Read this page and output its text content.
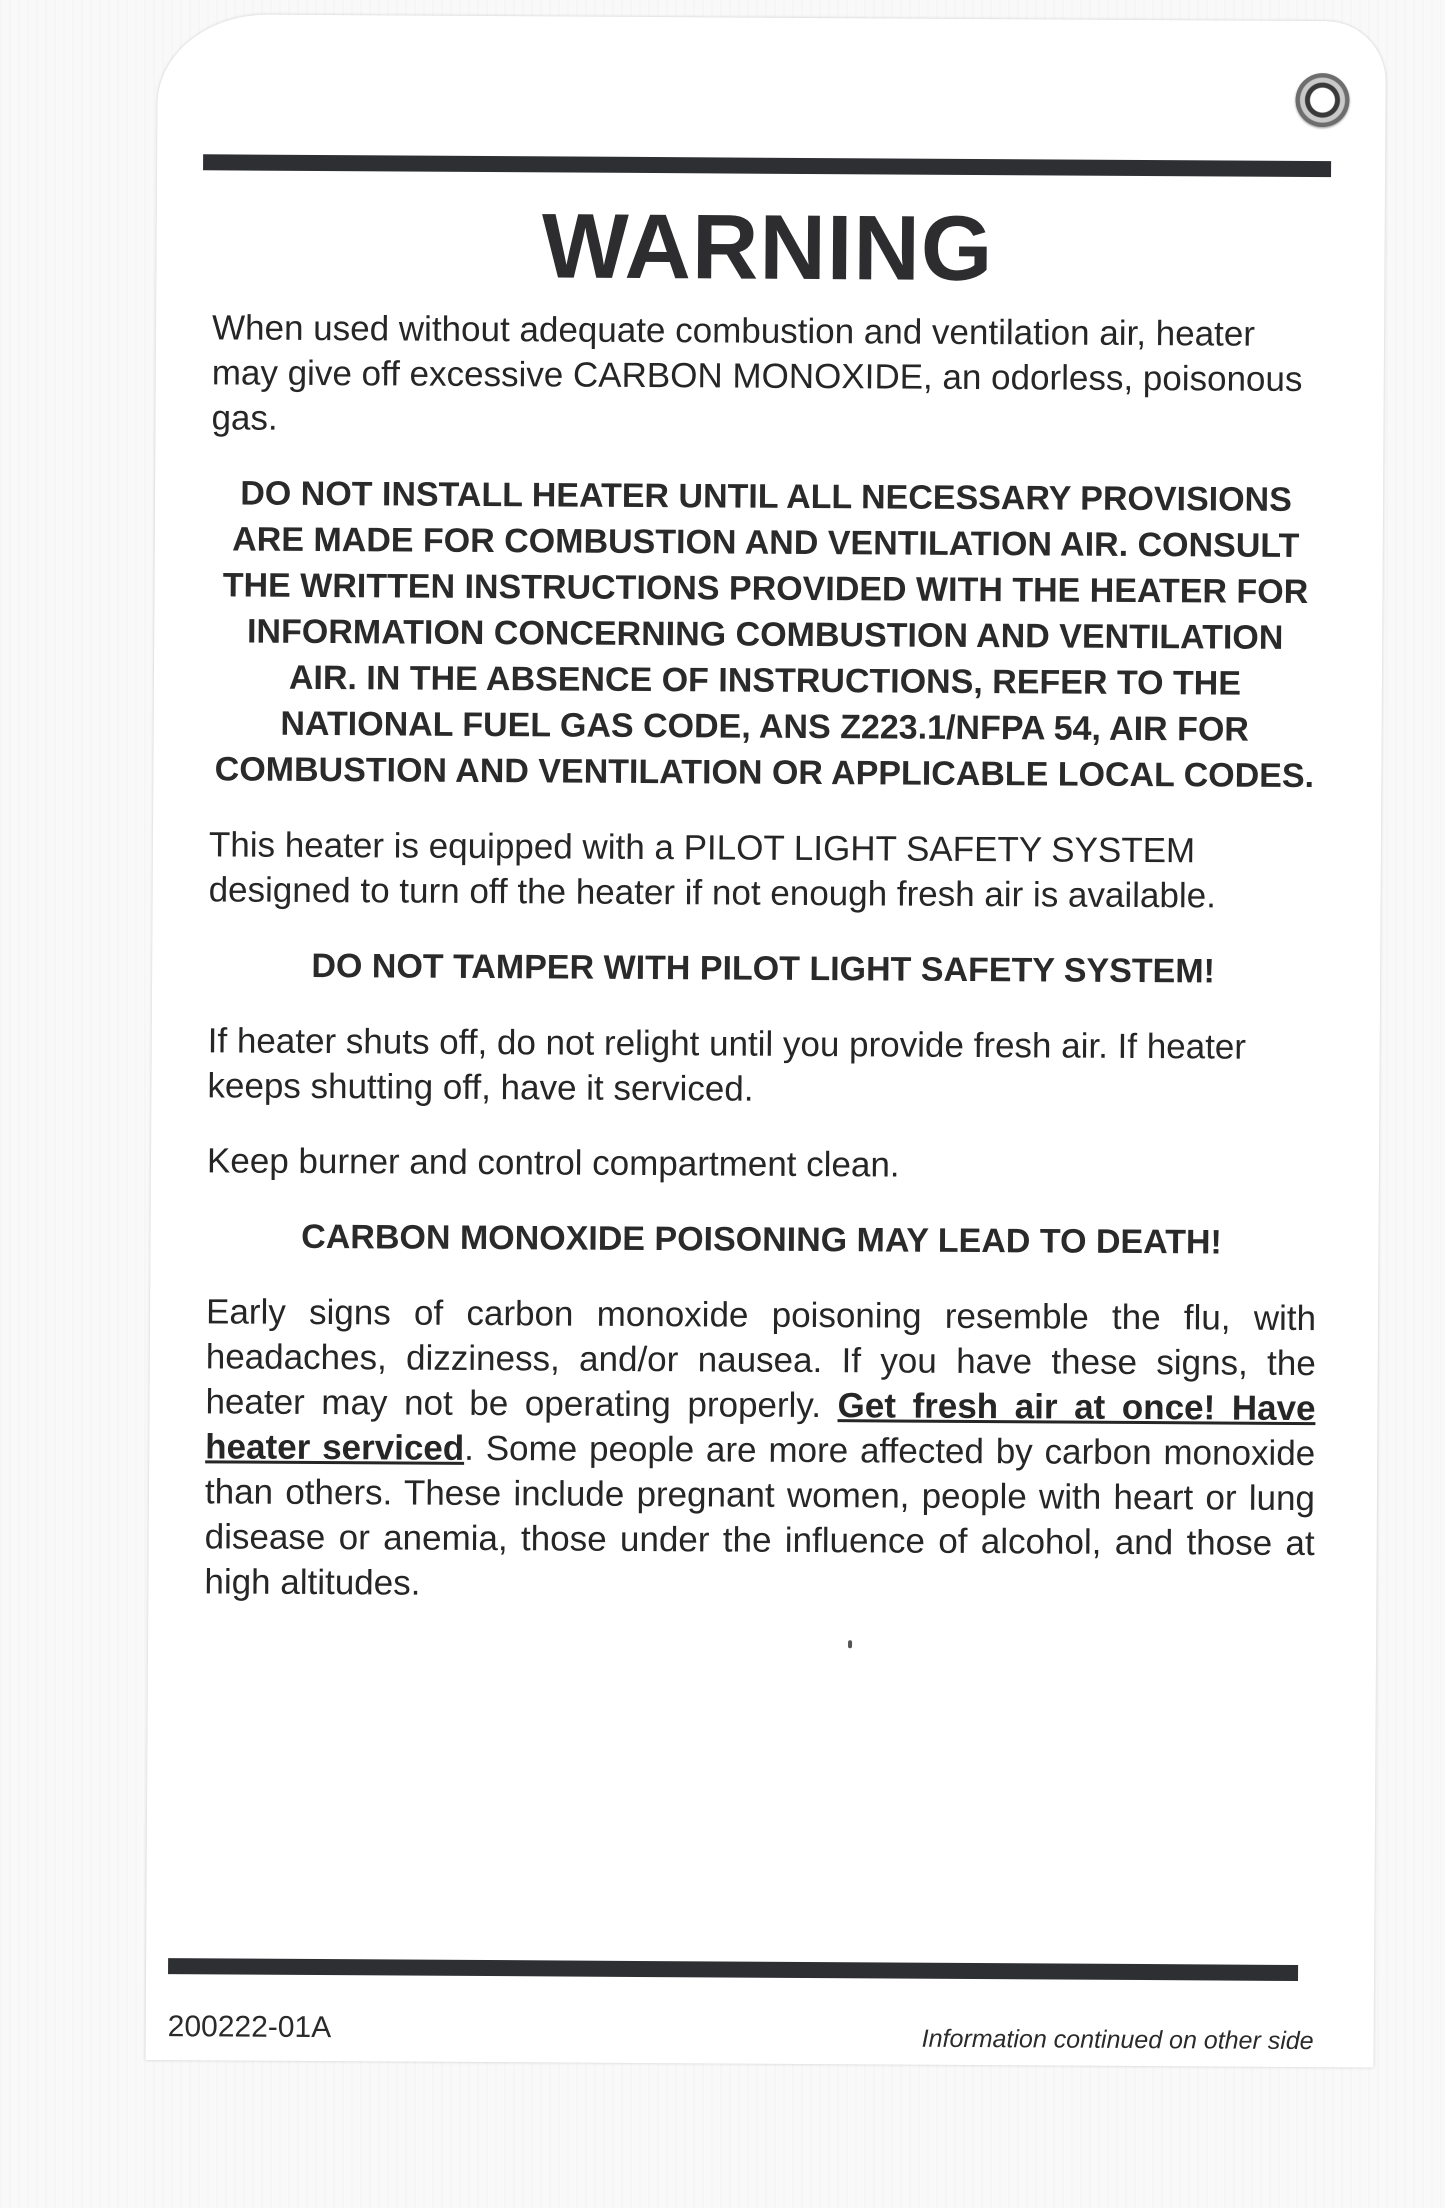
WARNING

When used without adequate combustion and ventilation air, heater may give off excessive CARBON MONOXIDE, an odorless, poisonous gas.

DO NOT INSTALL HEATER UNTIL ALL NECESSARY PROVISIONS ARE MADE FOR COMBUSTION AND VENTILATION AIR. CONSULT THE WRITTEN INSTRUCTIONS PROVIDED WITH THE HEATER FOR INFORMATION CONCERNING COMBUSTION AND VENTILATION AIR. IN THE ABSENCE OF INSTRUCTIONS, REFER TO THE NATIONAL FUEL GAS CODE, ANS Z223.1/NFPA 54, AIR FOR COMBUSTION AND VENTILATION OR APPLICABLE LOCAL CODES.

This heater is equipped with a PILOT LIGHT SAFETY SYSTEM designed to turn off the heater if not enough fresh air is available.

DO NOT TAMPER WITH PILOT LIGHT SAFETY SYSTEM!

If heater shuts off, do not relight until you provide fresh air. If heater keeps shutting off, have it serviced.

Keep burner and control compartment clean.

CARBON MONOXIDE POISONING MAY LEAD TO DEATH!

Early signs of carbon monoxide poisoning resemble the flu, with headaches, dizziness, and/or nausea. If you have these signs, the heater may not be operating properly. Get fresh air at once! Have heater serviced. Some people are more affected by carbon monoxide than others. These include pregnant women, people with heart or lung disease or anemia, those under the influence of alcohol, and those at high altitudes.

200222-01A	Information continued on other side
